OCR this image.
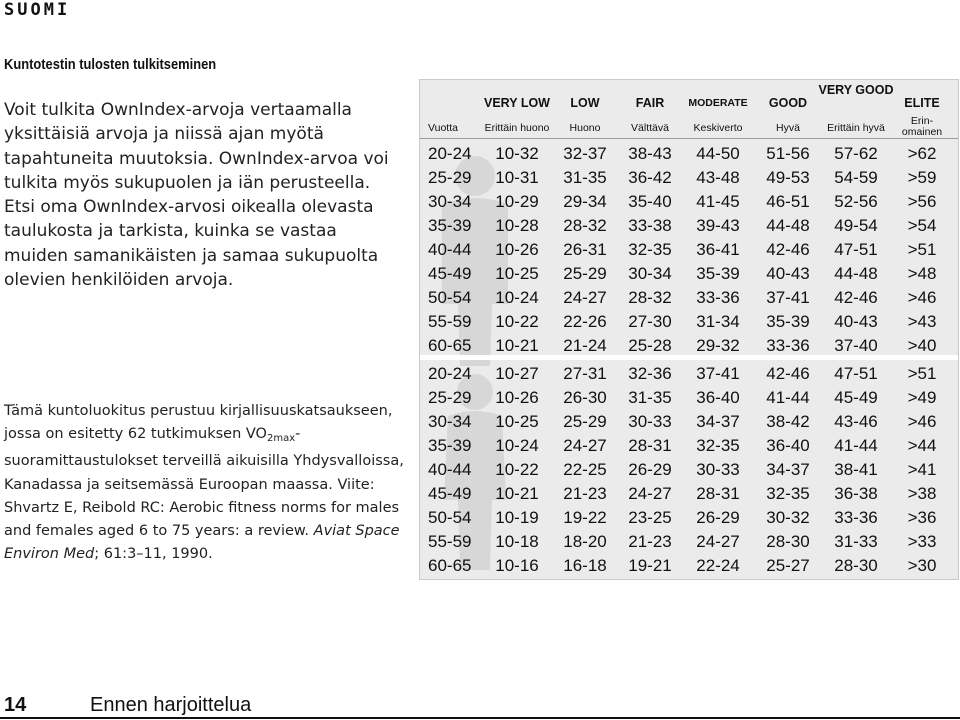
SUOMI
Kuntotestin tulosten tulkitseminen

Voit tulkita OwnIndex-arvoja vertaamalla yksittäisiä arvoja ja niissä ajan myötä tapahtuneita muutoksia. OwnIndex-arvoa voi tulkita myös sukupuolen ja iän perusteella. Etsi oma OwnIndex-arvosi oikealla olevasta taulukosta ja tarkista, kuinka se vastaa muiden samanikäisten ja samaa sukupuolta olevien henkilöiden arvoja.

Tämä kuntoluokitus perustuu kirjallisuuskatsaukseen, jossa on esitetty 62 tutkimuksen $VO_{2max}$-suoramittaustulokset terveillä aikuisilla Yhdysvalloissa, Kanadassa ja seitsemässä Euroopan maassa. Viite: Shvartz E, Reibold RC: Aerobic fitness norms for males and females aged 6 to 75 years: a review. Aviat Space Environ Med; 61:3–11, 1990.

Vuotta
VERY LOW
Erittäin huono
LOW
Huono
FAIR
Välttävä
MODERATE
Keskiverto
GOOD
Hyvä
VERY GOOD
Erittäin hyvä
ELITE
Erin-omainen
20-24 10-32 32-37 38-43 44-50 51-56 57-62 >62
25-29 10-31 31-35 36-42 43-48 49-53 54-59 >59
30-34 10-29 29-34 35-40 41-45 46-51 52-56 >56
35-39 10-28 28-32 33-38 39-43 44-48 49-54 >54
40-44 10-26 26-31 32-35 36-41 42-46 47-51 >51
45-49 10-25 25-29 30-34 35-39 40-43 44-48 >48
50-54 10-24 24-27 28-32 33-36 37-41 42-46 >46
55-59 10-22 22-26 27-30 31-34 35-39 40-43 >43
60-65 10-21 21-24 25-28 29-32 33-36 37-40 >40
20-24 10-27 27-31 32-36 37-41 42-46 47-51 >51
25-29 10-26 26-30 31-35 36-40 41-44 45-49 >49
30-34 10-25 25-29 30-33 34-37 38-42 43-46 >46
35-39 10-24 24-27 28-31 32-35 36-40 41-44 >44
40-44 10-22 22-25 26-29 30-33 34-37 38-41 >41
45-49 10-21 21-23 24-27 28-31 32-35 36-38 >38
50-54 10-19 19-22 23-25 26-29 30-32 33-36 >36
55-59 10-18 18-20 21-23 24-27 28-30 31-33 >33
60-65 10-16 16-18 19-21 22-24 25-27 28-30 >30
14	Ennen harjoittelua
